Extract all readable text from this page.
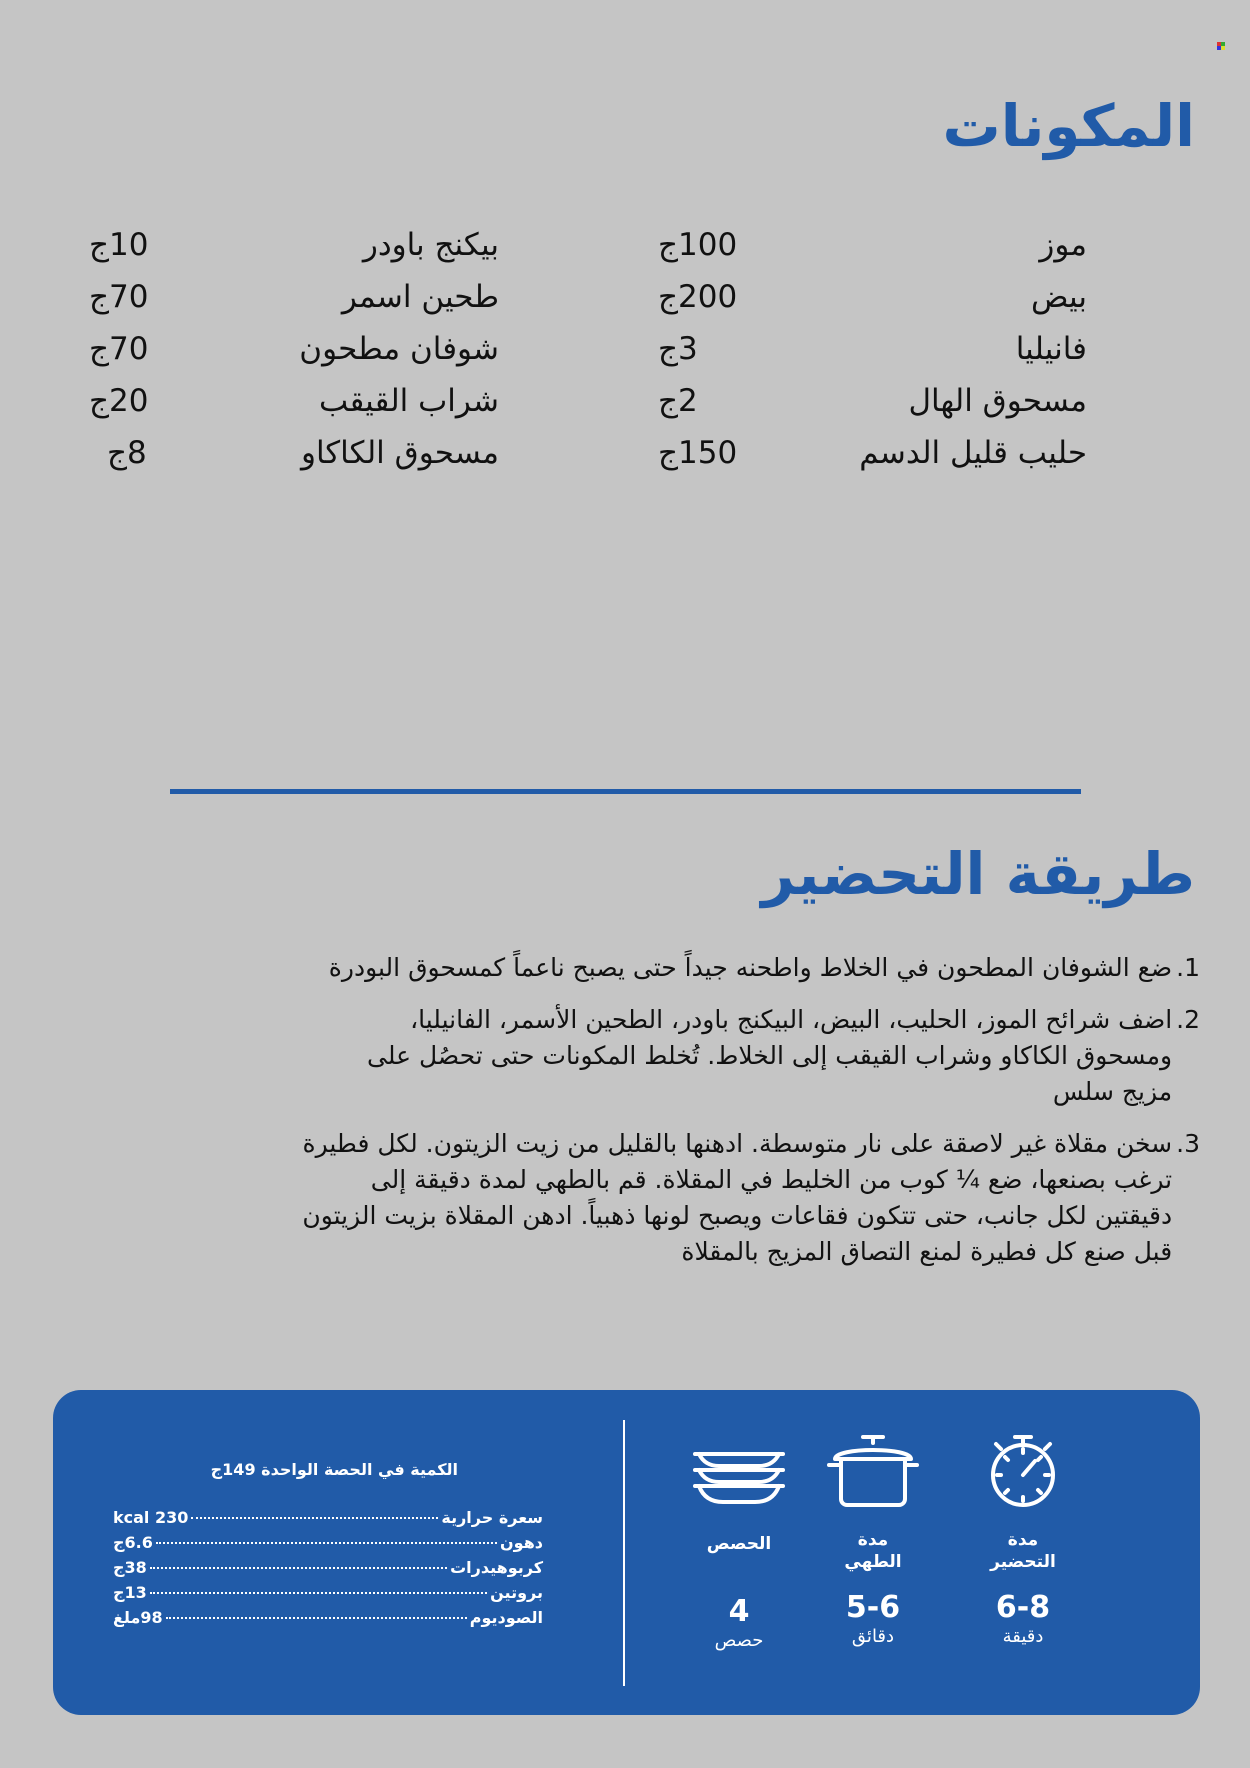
المكونات
موز
100ج
بيض
200ج
فانيليا
3ج
مسحوق الهال
2ج
حليب قليل الدسم
150ج
بيكنج باودر
10ج
طحين اسمر
70ج
شوفان مطحون
70ج
شراب القيقب
20ج
مسحوق الكاكاو
8ج
طريقة التحضير
1.
ضع الشوفان المطحون في الخلاط واطحنه جيداً حتى يصبح ناعماً كمسحوق البودرة
2.
اضف شرائح الموز، الحليب، البيض، البيكنج باودر، الطحين الأسمر، الفانيليا، ومسحوق الكاكاو وشراب القيقب إلى الخلاط. تُخلط المكونات حتى تحصُل على مزيج سلس
3.
سخن مقلاة غير لاصقة على نار متوسطة. ادهنها بالقليل من زيت الزيتون. لكل فطيرة ترغب بصنعها، ضع ¼ كوب من الخليط في المقلاة. قم بالطهي لمدة دقيقة إلى دقيقتين لكل جانب، حتى تتكون فقاعات ويصبح لونها ذهبياً. ادهن المقلاة بزيت الزيتون قبل صنع كل فطيرة لمنع التصاق المزيج بالمقلاة
مدة التحضير
6-8
دقيقة
مدة الطهي
5-6
دقائق
الحصص
4
حصص
الكمية في الحصة الواحدة 149ج
سعرة حرارية
230 kcal
دهون
6.6ج
كربوهيدرات
38ج
بروتين
13ج
الصوديوم
98ملغ
